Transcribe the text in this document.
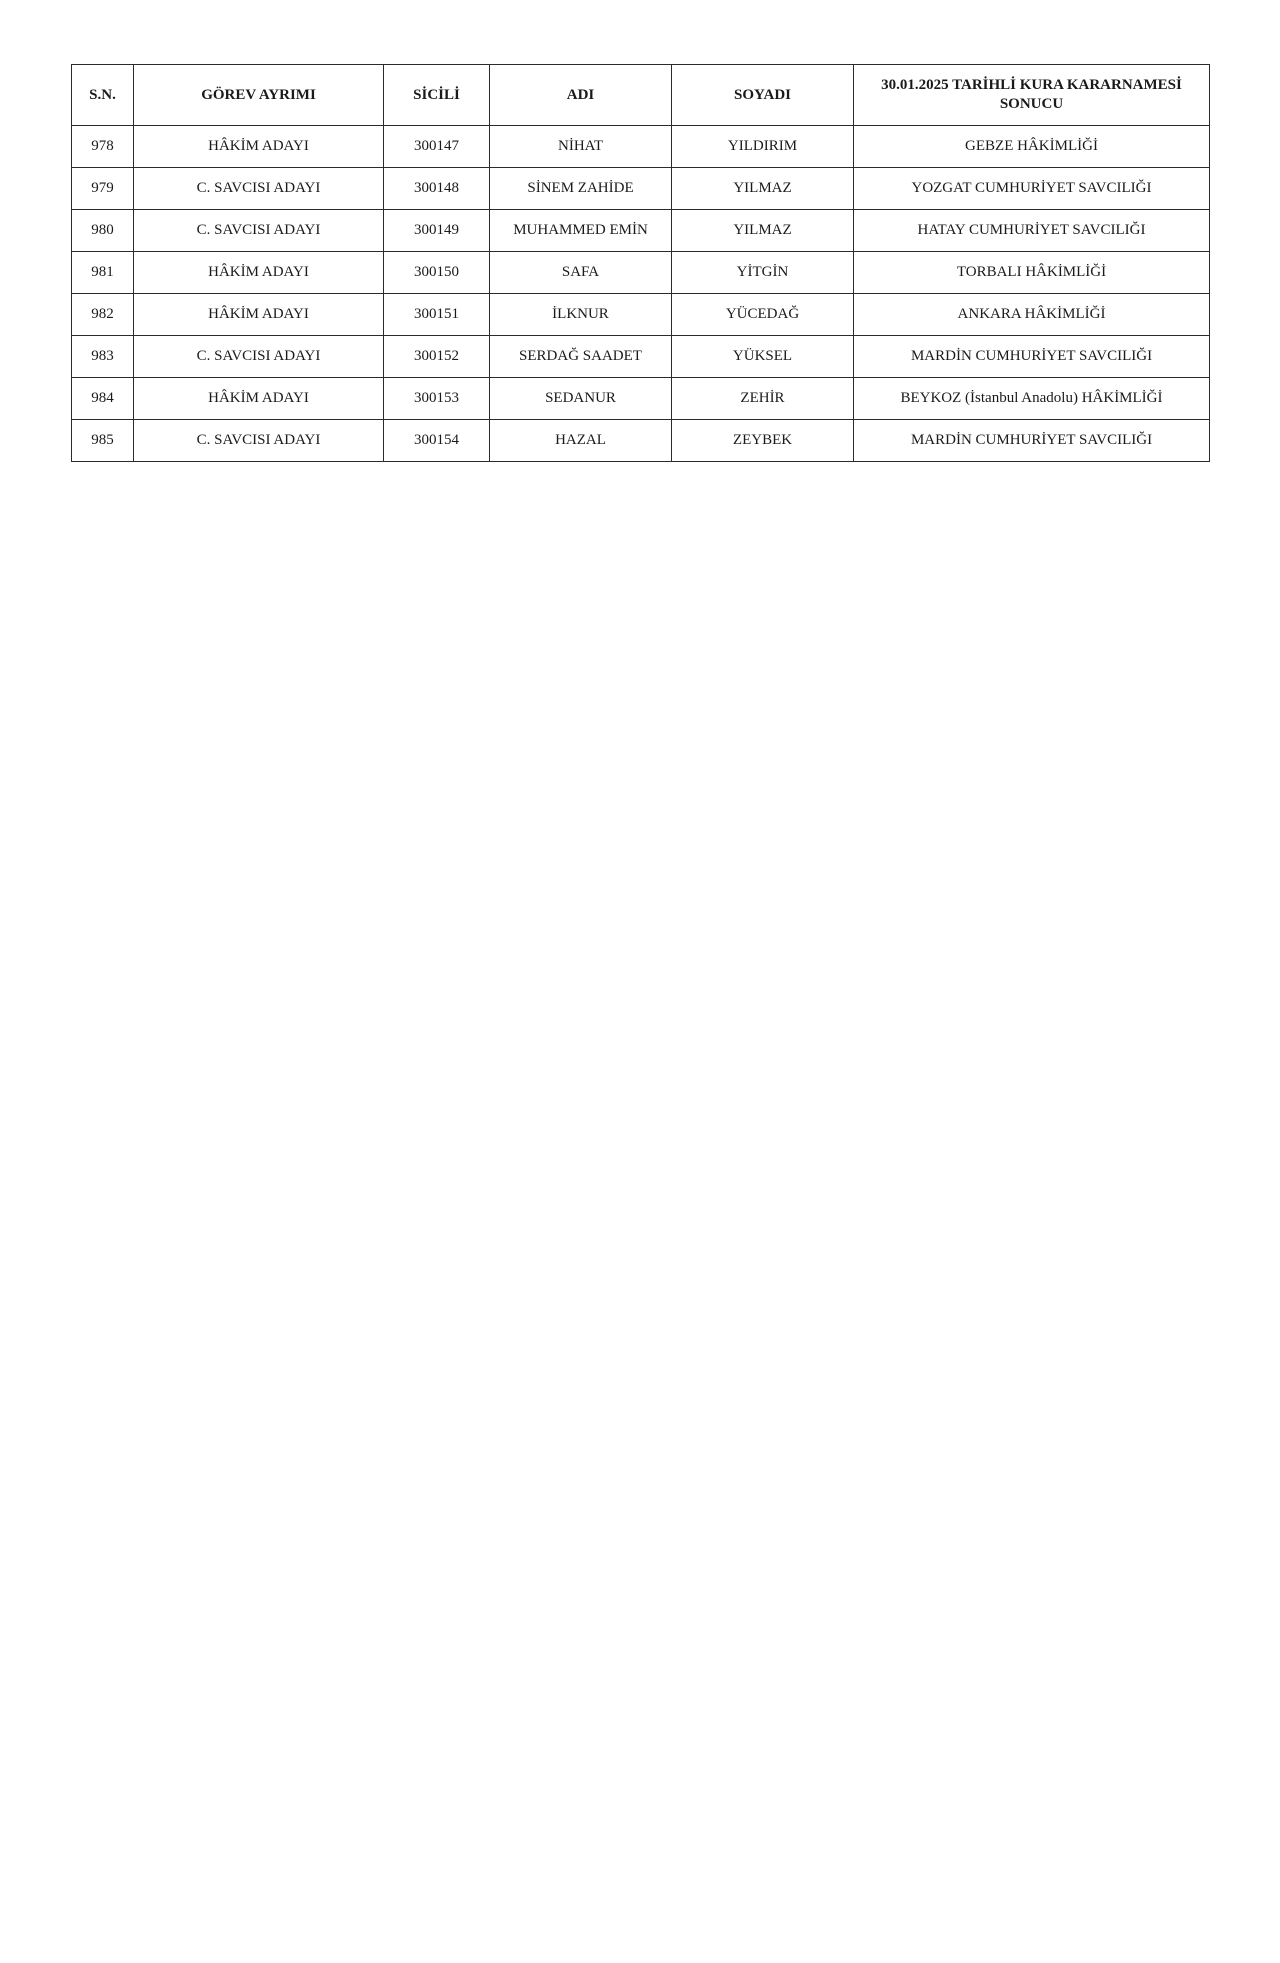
S.N.	GÖREV AYRIMI	SİCİLİ	ADI	SOYADI	30.01.2025 TARİHLİ KURA KARARNAMESİ SONUCU
978	HÂKİM ADAYI	300147	NİHAT	YILDIRIM	GEBZE HÂKİMLİĞİ
979	C. SAVCISI ADAYI	300148	SİNEM ZAHİDE	YILMAZ	YOZGAT CUMHURİYET SAVCILIĞI
980	C. SAVCISI ADAYI	300149	MUHAMMED EMİN	YILMAZ	HATAY CUMHURİYET SAVCILIĞI
981	HÂKİM ADAYI	300150	SAFA	YİTGİN	TORBALI HÂKİMLİĞİ
982	HÂKİM ADAYI	300151	İLKNUR	YÜCEDAĞ	ANKARA HÂKİMLİĞİ
983	C. SAVCISI ADAYI	300152	SERDAĞ SAADET	YÜKSEL	MARDİN CUMHURİYET SAVCILIĞI
984	HÂKİM ADAYI	300153	SEDANUR	ZEHİR	BEYKOZ (İstanbul Anadolu) HÂKİMLİĞİ
985	C. SAVCISI ADAYI	300154	HAZAL	ZEYBEK	MARDİN CUMHURİYET SAVCILIĞI
